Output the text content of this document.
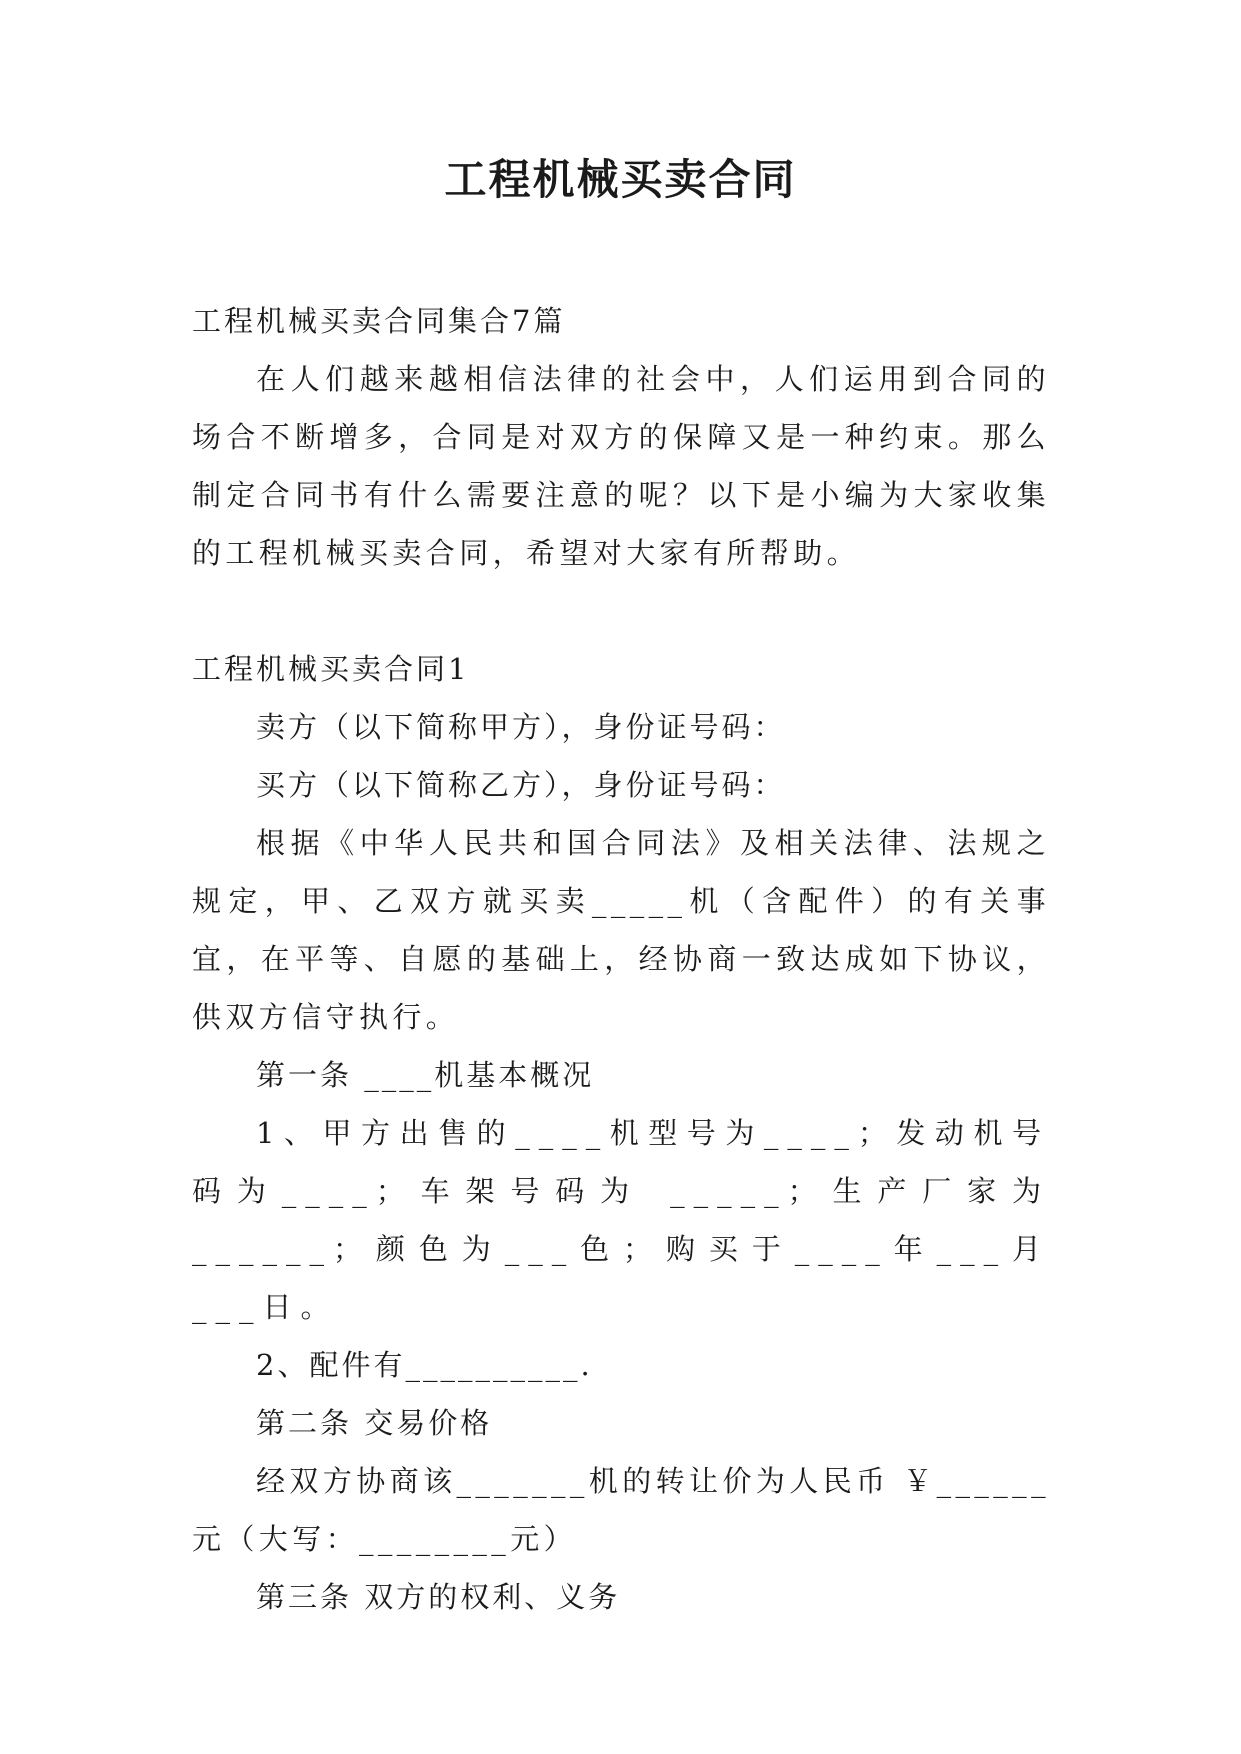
工程机械买卖合同
工程机械买卖合同集合7篇
在人们越来越相信法律的社会中，人们运用到合同的场合不断增多，合同是对双方的保障又是一种约束。那么制定合同书有什么需要注意的呢？以下是小编为大家收集的工程机械买卖合同，希望对大家有所帮助。
工程机械买卖合同1
卖方（以下简称甲方），身份证号码：
买方（以下简称乙方），身份证号码：
根据《中华人民共和国合同法》及相关法律、法规之规定，甲、乙双方就买卖_____机（含配件）的有关事宜，在平等、自愿的基础上，经协商一致达成如下协议，供双方信守执行。
第一条 ____机基本概况
1、甲方出售的____机型号为____；发动机号码为____；车架号码为 _____；生产厂家为______；颜色为___色；购买于____年___月___日。
2、配件有__________.
第二条 交易价格
经双方协商该_______机的转让价为人民币 ￥______元（大写：________元）
第三条 双方的权利、义务
